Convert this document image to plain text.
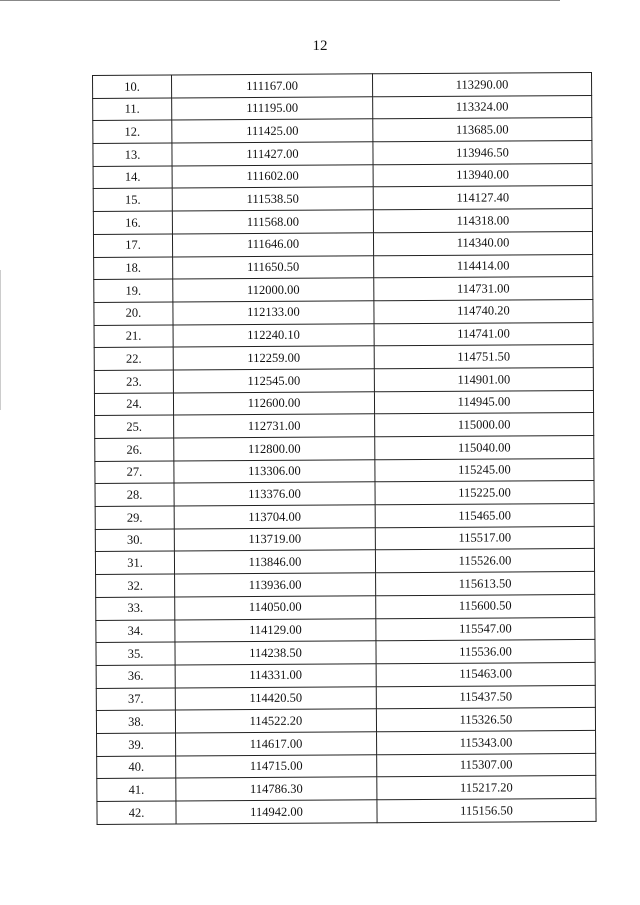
12
10.	111167.00	113290.00
11.	111195.00	113324.00
12.	111425.00	113685.00
13.	111427.00	113946.50
14.	111602.00	113940.00
15.	111538.50	114127.40
16.	111568.00	114318.00
17.	111646.00	114340.00
18.	111650.50	114414.00
19.	112000.00	114731.00
20.	112133.00	114740.20
21.	112240.10	114741.00
22.	112259.00	114751.50
23.	112545.00	114901.00
24.	112600.00	114945.00
25.	112731.00	115000.00
26.	112800.00	115040.00
27.	113306.00	115245.00
28.	113376.00	115225.00
29.	113704.00	115465.00
30.	113719.00	115517.00
31.	113846.00	115526.00
32.	113936.00	115613.50
33.	114050.00	115600.50
34.	114129.00	115547.00
35.	114238.50	115536.00
36.	114331.00	115463.00
37.	114420.50	115437.50
38.	114522.20	115326.50
39.	114617.00	115343.00
40.	114715.00	115307.00
41.	114786.30	115217.20
42.	114942.00	115156.50
